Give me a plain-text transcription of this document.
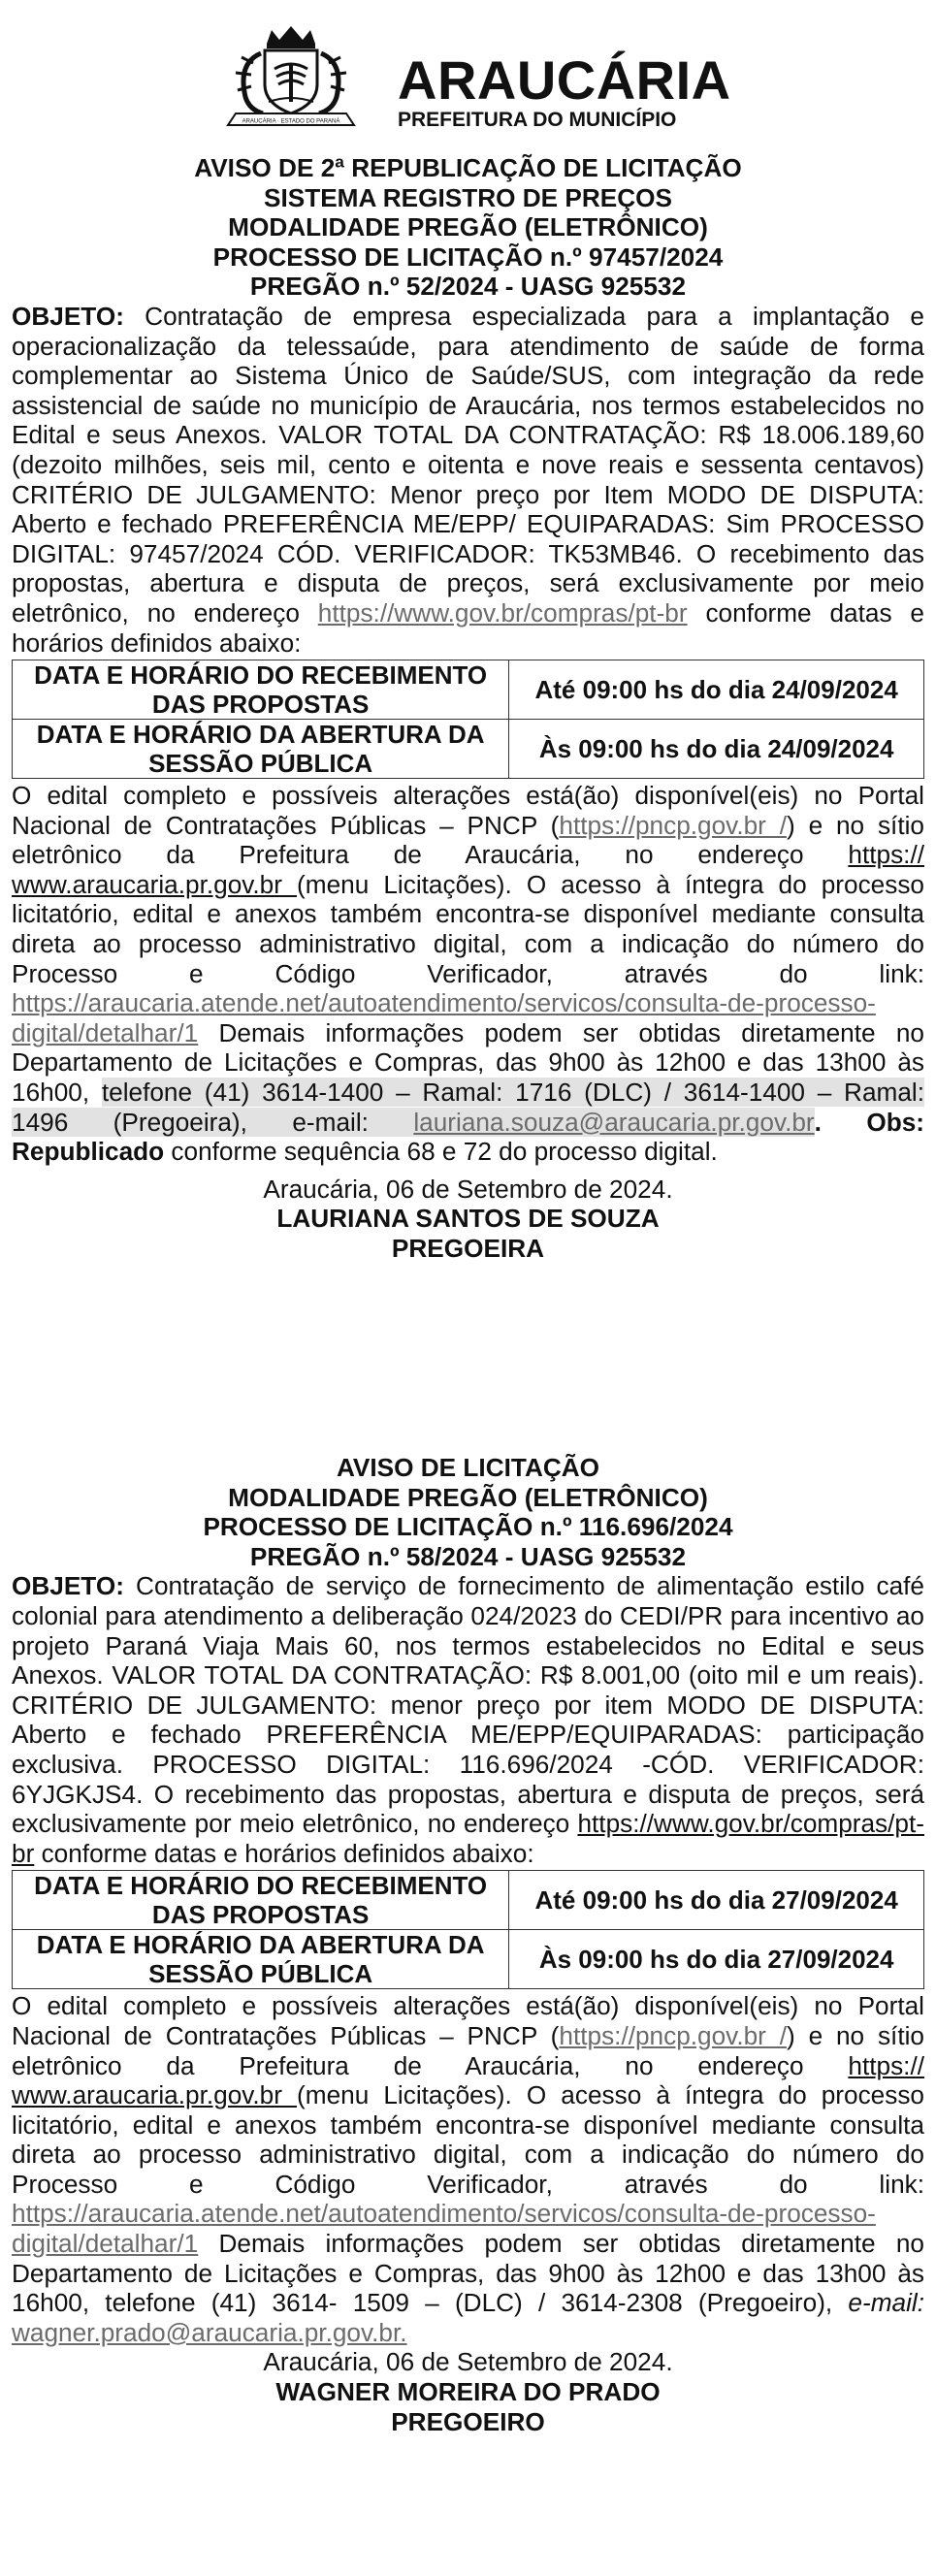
ARAUCÁRIA · ESTADO DO PARANÁ
ARAUCÁRIA
PREFEITURA DO MUNICÍPIO
AVISO DE 2ª REPUBLICAÇÃO DE LICITAÇÃO
SISTEMA REGISTRO DE PREÇOS
MODALIDADE PREGÃO (ELETRÔNICO)
PROCESSO DE LICITAÇÃO n.º 97457/2024
PREGÃO n.º 52/2024 - UASG 925532

OBJETO: Contratação de empresa especializada para a implantação e operacionalização da telessaúde, para atendimento de saúde de forma complementar ao Sistema Único de Saúde/SUS, com integração da rede assistencial de saúde no município de Araucária, nos termos estabelecidos no Edital e seus Anexos. VALOR TOTAL DA CONTRATAÇÃO: R$ 18.006.189,60 (dezoito milhões, seis mil, cento e oitenta e nove reais e sessenta centavos) CRITÉRIO DE JULGAMENTO: Menor preço por Item MODO DE DISPUTA: Aberto e fechado PREFERÊNCIA ME/EPP/ EQUIPARADAS: Sim PROCESSO DIGITAL: 97457/2024 CÓD. VERIFICADOR: TK53MB46. O recebimento das propostas, abertura e disputa de preços, será exclusivamente por meio eletrônico, no endereço https://www.gov.br/compras/pt-br conforme datas e horários definidos abaixo:

DATA E HORÁRIO DO RECEBIMENTO DAS PROPOSTAS	Até 09:00 hs do dia 24/09/2024
DATA E HORÁRIO DA ABERTURA DA SESSÃO PÚBLICA	Às 09:00 hs do dia 24/09/2024

O edital completo e possíveis alterações está(ão) disponível(eis) no Portal Nacional de Contratações Públicas – PNCP (https://pncp.gov.br /) e no sítio eletrônico da Prefeitura de Araucária, no endereço https:// www.araucaria.pr.gov.br (menu Licitações). O acesso à íntegra do processo licitatório, edital e anexos também encontra-se disponível mediante consulta direta ao processo administrativo digital, com a indicação do número do Processo e Código Verificador, através do link: https://araucaria.atende.net/autoatendimento/servicos/consulta-de-processo-digital/detalhar/1 Demais informações podem ser obtidas diretamente no Departamento de Licitações e Compras, das 9h00 às 12h00 e das 13h00 às 16h00, telefone (41) 3614-1400 – Ramal: 1716 (DLC) / 3614-1400 – Ramal: 1496 (Pregoeira), e-mail: lauriana.souza@araucaria.pr.gov.br. Obs: Republicado conforme sequência 68 e 72 do processo digital.

Araucária, 06 de Setembro de 2024.
LAURIANA SANTOS DE SOUZA
PREGOEIRA
AVISO DE LICITAÇÃO
MODALIDADE PREGÃO (ELETRÔNICO)
PROCESSO DE LICITAÇÃO n.º 116.696/2024
PREGÃO n.º 58/2024 - UASG 925532

OBJETO: Contratação de serviço de fornecimento de alimentação estilo café colonial para atendimento a deliberação 024/2023 do CEDI/PR para incentivo ao projeto Paraná Viaja Mais 60, nos termos estabelecidos no Edital e seus Anexos. VALOR TOTAL DA CONTRATAÇÃO: R$ 8.001,00 (oito mil e um reais). CRITÉRIO DE JULGAMENTO: menor preço por item MODO DE DISPUTA: Aberto e fechado PREFERÊNCIA ME/EPP/EQUIPARADAS: participação exclusiva. PROCESSO DIGITAL: 116.696/2024 -CÓD. VERIFICADOR: 6YJGKJS4. O recebimento das propostas, abertura e disputa de preços, será exclusivamente por meio eletrônico, no endereço https://www.gov.br/compras/pt-br conforme datas e horários definidos abaixo:

DATA E HORÁRIO DO RECEBIMENTO DAS PROPOSTAS	Até 09:00 hs do dia 27/09/2024
DATA E HORÁRIO DA ABERTURA DA SESSÃO PÚBLICA	Às 09:00 hs do dia 27/09/2024

O edital completo e possíveis alterações está(ão) disponível(eis) no Portal Nacional de Contratações Públicas – PNCP (https://pncp.gov.br /) e no sítio eletrônico da Prefeitura de Araucária, no endereço https:// www.araucaria.pr.gov.br (menu Licitações). O acesso à íntegra do processo licitatório, edital e anexos também encontra-se disponível mediante consulta direta ao processo administrativo digital, com a indicação do número do Processo e Código Verificador, através do link: https://araucaria.atende.net/autoatendimento/servicos/consulta-de-processo-digital/detalhar/1 Demais informações podem ser obtidas diretamente no Departamento de Licitações e Compras, das 9h00 às 12h00 e das 13h00 às 16h00, telefone (41) 3614- 1509 – (DLC) / 3614-2308 (Pregoeiro), e-mail: wagner.prado@araucaria.pr.gov.br.

Araucária, 06 de Setembro de 2024.
WAGNER MOREIRA DO PRADO
PREGOEIRO
